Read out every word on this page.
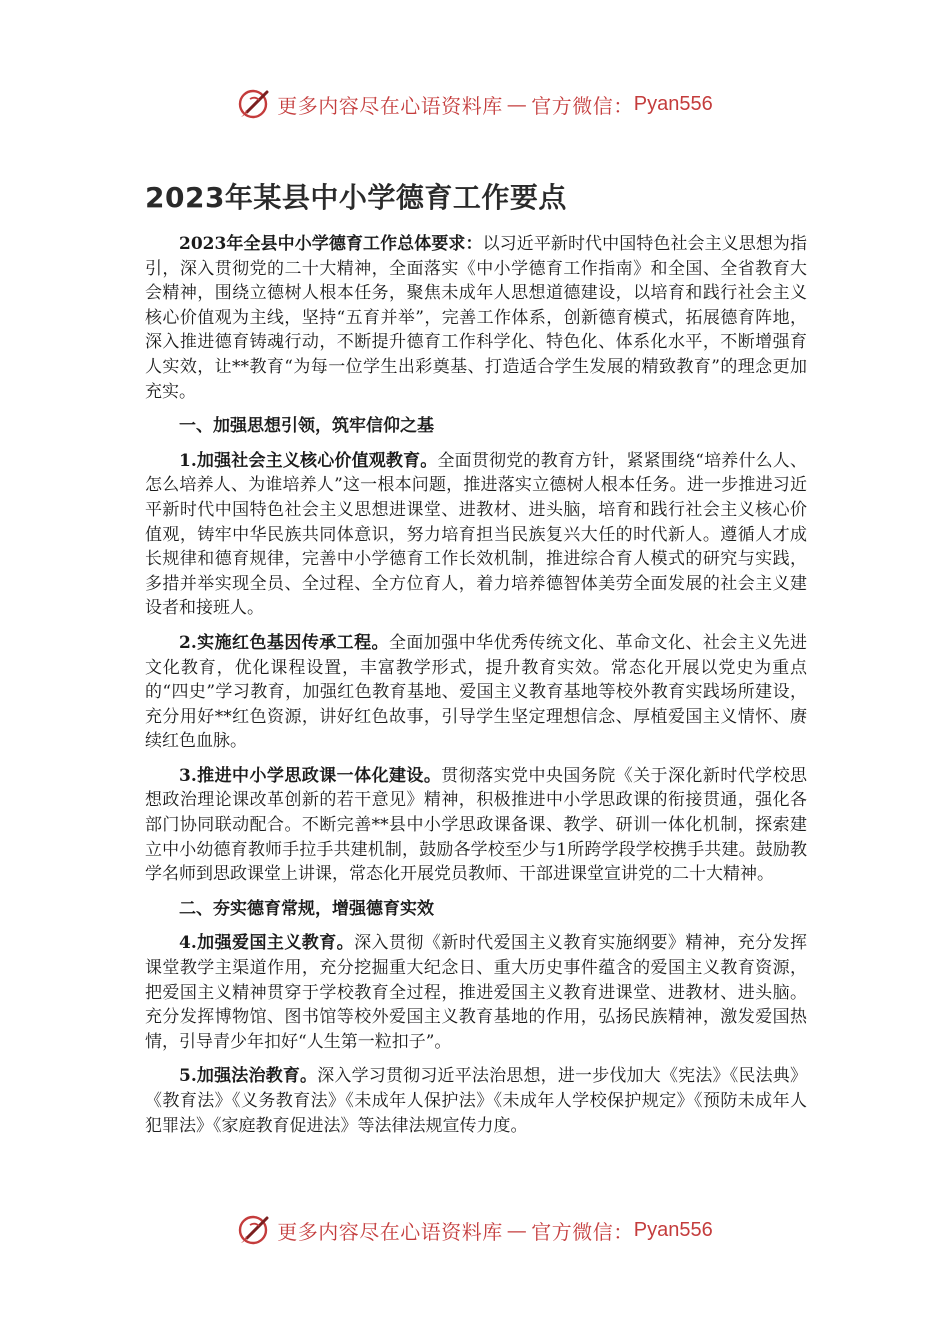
更多内容尽在心语资料库 — 官方微信： Pyan556
2023年某县中小学德育工作要点

2023年全县中小学德育工作总体要求：以习近平新时代中国特色社会主义思想为指引，深入贯彻党的二十大精神，全面落实《中小学德育工作指南》和全国、全省教育大会精神，围绕立德树人根本任务，聚焦未成年人思想道德建设，以培育和践行社会主义核心价值观为主线，坚持“五育并举”，完善工作体系，创新德育模式，拓展德育阵地，深入推进德育铸魂行动，不断提升德育工作科学化、特色化、体系化水平，不断增强育人实效，让**教育“为每一位学生出彩奠基、打造适合学生发展的精致教育”的理念更加充实。

一、加强思想引领，筑牢信仰之基

1.加强社会主义核心价值观教育。全面贯彻党的教育方针，紧紧围绕“培养什么人、怎么培养人、为谁培养人”这一根本问题，推进落实立德树人根本任务。进一步推进习近平新时代中国特色社会主义思想进课堂、进教材、进头脑，培育和践行社会主义核心价值观，铸牢中华民族共同体意识，努力培育担当民族复兴大任的时代新人。遵循人才成长规律和德育规律，完善中小学德育工作长效机制，推进综合育人模式的研究与实践，多措并举实现全员、全过程、全方位育人，着力培养德智体美劳全面发展的社会主义建设者和接班人。

2.实施红色基因传承工程。全面加强中华优秀传统文化、革命文化、社会主义先进文化教育，优化课程设置，丰富教学形式，提升教育实效。常态化开展以党史为重点的“四史”学习教育，加强红色教育基地、爱国主义教育基地等校外教育实践场所建设，充分用好**红色资源，讲好红色故事，引导学生坚定理想信念、厚植爱国主义情怀、赓续红色血脉。

3.推进中小学思政课一体化建设。贯彻落实党中央国务院《关于深化新时代学校思想政治理论课改革创新的若干意见》精神，积极推进中小学思政课的衔接贯通，强化各部门协同联动配合。不断完善**县中小学思政课备课、教学、研训一体化机制，探索建立中小幼德育教师手拉手共建机制，鼓励各学校至少与1所跨学段学校携手共建。鼓励教学名师到思政课堂上讲课，常态化开展党员教师、干部进课堂宣讲党的二十大精神。

二、夯实德育常规，增强德育实效

4.加强爱国主义教育。深入贯彻《新时代爱国主义教育实施纲要》精神，充分发挥课堂教学主渠道作用，充分挖掘重大纪念日、重大历史事件蕴含的爱国主义教育资源，把爱国主义精神贯穿于学校教育全过程，推进爱国主义教育进课堂、进教材、进头脑。充分发挥博物馆、图书馆等校外爱国主义教育基地的作用，弘扬民族精神，激发爱国热情，引导青少年扣好“人生第一粒扣子”。

5.加强法治教育。深入学习贯彻习近平法治思想，进一步伐加大《宪法》《民法典》《教育法》《义务教育法》《未成年人保护法》《未成年人学校保护规定》《预防未成年人犯罪法》《家庭教育促进法》等法律法规宣传力度。

更多内容尽在心语资料库 — 官方微信： Pyan556
